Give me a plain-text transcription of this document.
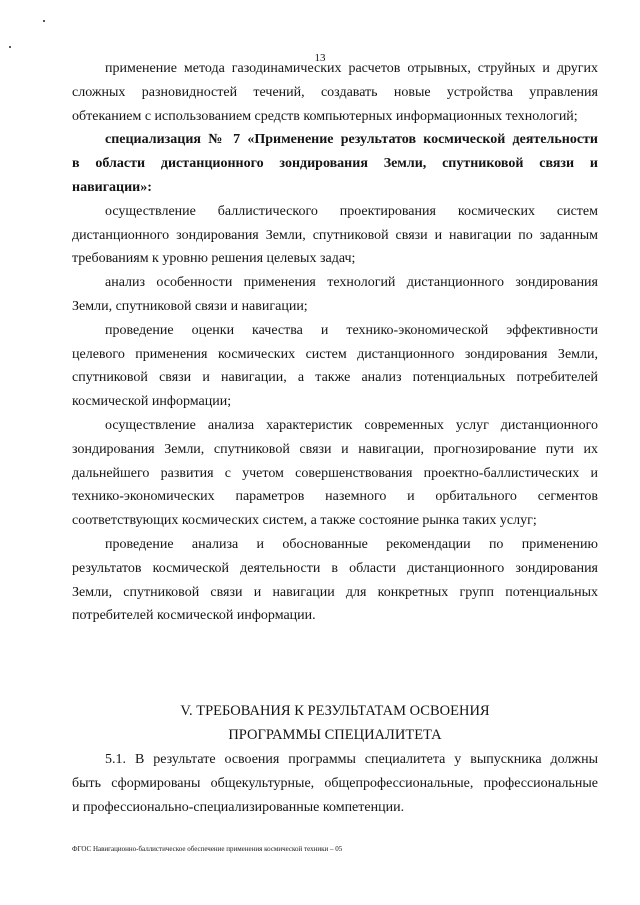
13
применение метода газодинамических расчетов отрывных, струйных и других
сложных разновидностей течений, создавать новые устройства управления
обтеканием с использованием средств компьютерных информационных технологий;
специализация № 7 «Применение результатов космической деятельности
в области дистанционного зондирования Земли, спутниковой связи и
навигации»:
осуществление баллистического проектирования космических систем
дистанционного зондирования Земли, спутниковой связи и навигации по заданным
требованиям к уровню решения целевых задач;
анализ особенности применения технологий дистанционного зондирования
Земли, спутниковой связи и навигации;
проведение оценки качества и технико-экономической эффективности
целевого применения космических систем дистанционного зондирования Земли,
спутниковой связи и навигации, а также анализ потенциальных потребителей
космической информации;
осуществление анализа характеристик современных услуг дистанционного
зондирования Земли, спутниковой связи и навигации, прогнозирование пути их
дальнейшего развития с учетом совершенствования проектно-баллистических и
технико-экономических параметров наземного и орбитального сегментов
соответствующих космических систем, а также состояние рынка таких услуг;
проведение анализа и обоснованные рекомендации по применению
результатов космической деятельности в области дистанционного зондирования
Земли, спутниковой связи и навигации для конкретных групп потенциальных
потребителей космической информации.
V. ТРЕБОВАНИЯ К РЕЗУЛЬТАТАМ ОСВОЕНИЯ
ПРОГРАММЫ СПЕЦИАЛИТЕТА
5.1. В результате освоения программы специалитета у выпускника должны
быть сформированы общекультурные, общепрофессиональные, профессиональные
и профессионально-специализированные компетенции.
ФГОС Навигационно-баллистическое обеспечение применения космической техники – 05
